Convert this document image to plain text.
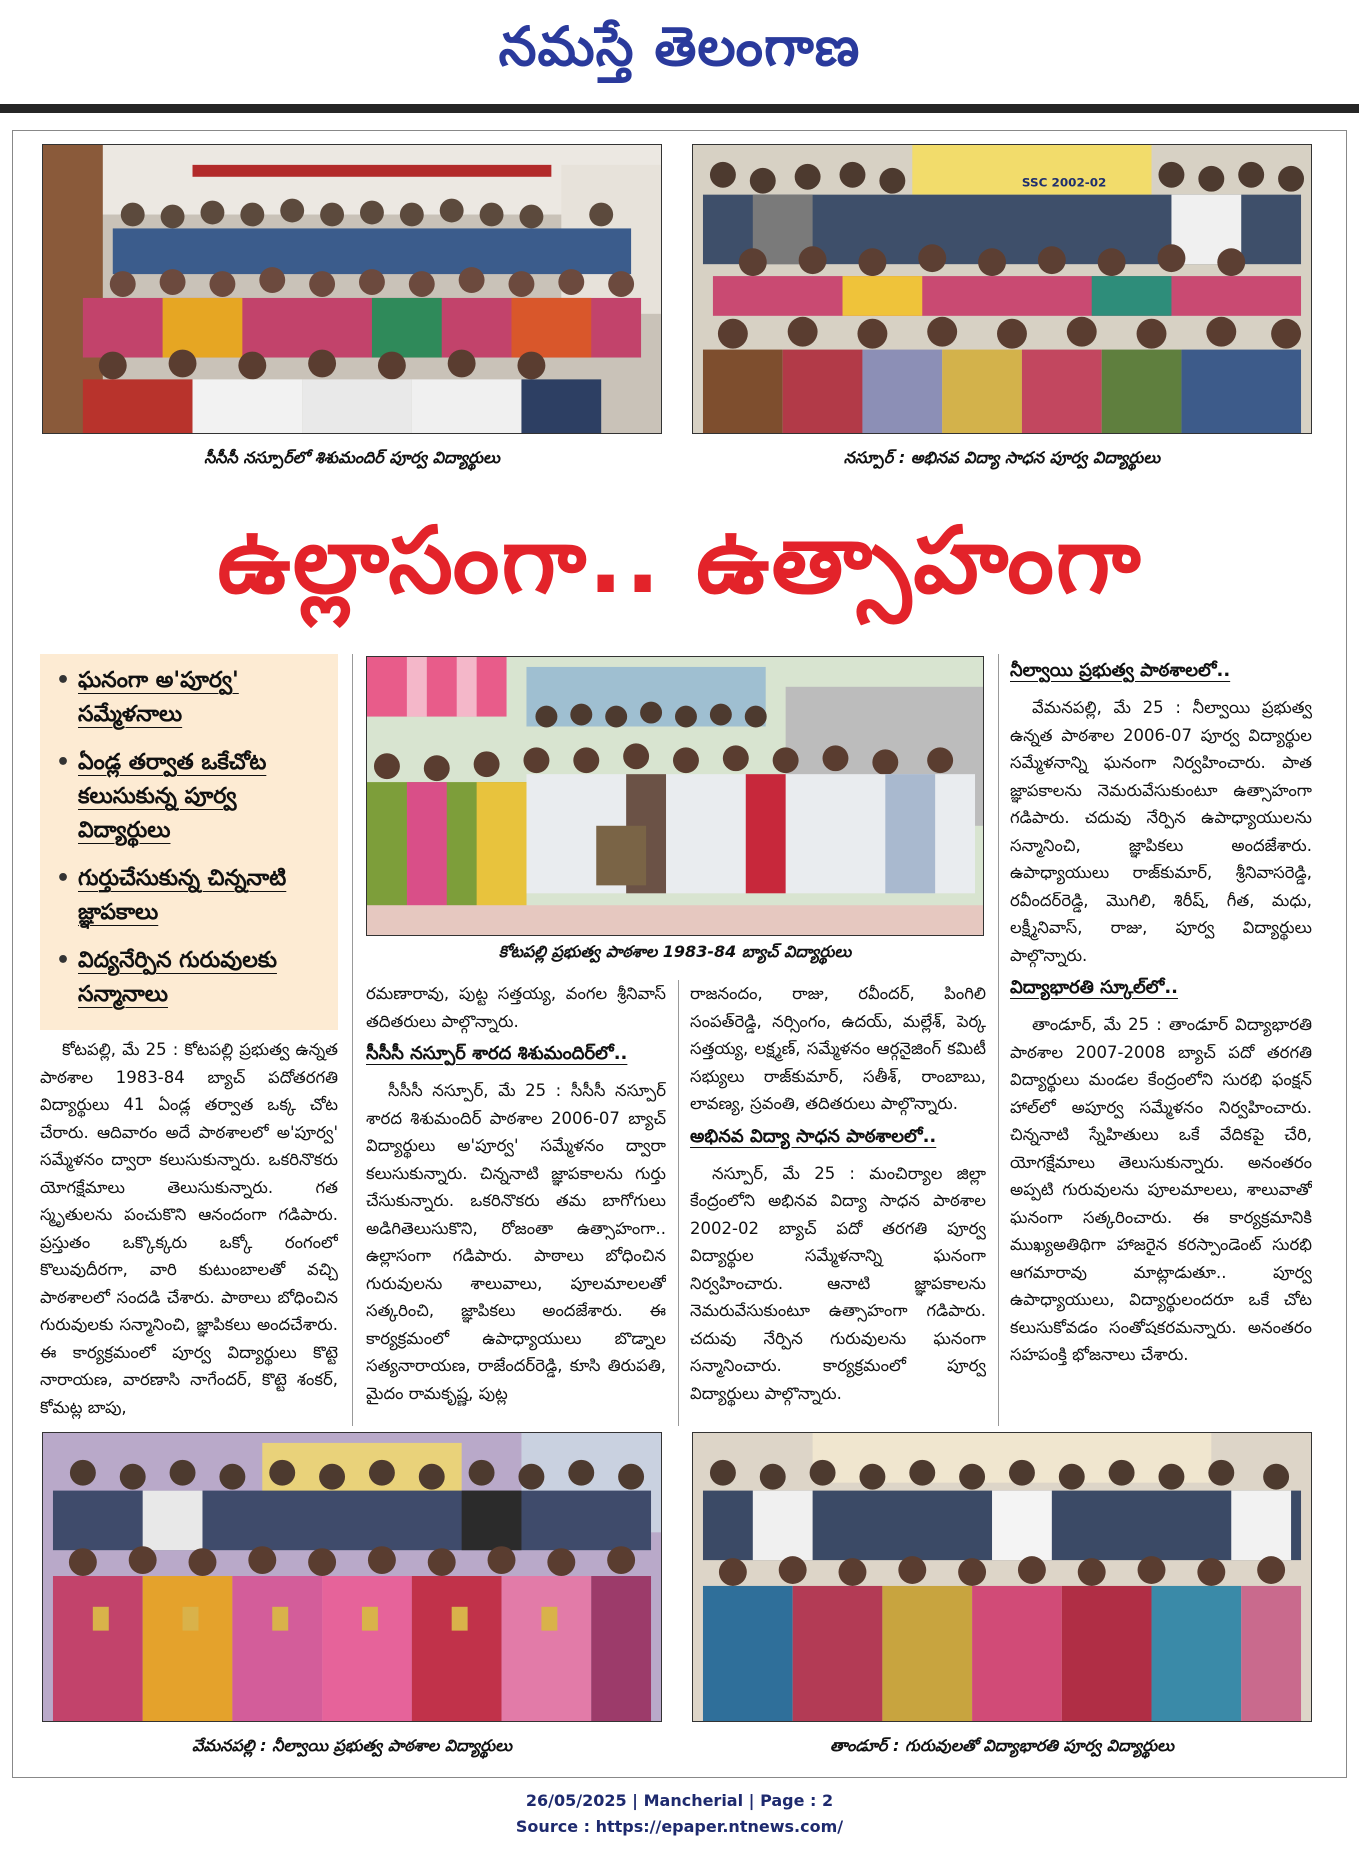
నమస్తే తెలంగాణ
సీసీసీ నస్పూర్‌లో శిశుమందిర్‌ పూర్వ విద్యార్థులు
SSC 2002-02
నస్పూర్‌ : అభినవ విద్యా సాధన పూర్వ విద్యార్థులు
ఉల్లాసంగా.. ఉత్సాహంగా
• ఘనంగా అ'పూర్వ' సమ్మేళనాలు
• ఏండ్ల తర్వాత ఒకేచోట కలుసుకున్న పూర్వ విద్యార్థులు
• గుర్తుచేసుకున్న చిన్ననాటి జ్ఞాపకాలు
• విద్యనేర్పిన గురువులకు సన్మానాలు
కోటపల్లి ప్రభుత్వ పాఠశాల 1983-84 బ్యాచ్‌ విద్యార్థులు

కోటపల్లి, మే 25 : కోటపల్లి ప్రభుత్వ ఉన్నత పాఠశాల 1983-84 బ్యాచ్‌ పదోతరగతి విద్యార్థులు 41 ఏండ్ల తర్వాత ఒక్క చోట చేరారు. ఆదివారం అదే పాఠశాలలో అ'పూర్వ' సమ్మేళనం ద్వారా కలుసుకున్నారు. ఒకరినొకరు యోగక్షేమాలు తెలుసుకున్నారు. గత స్మృతులను పంచుకొని ఆనందంగా గడిపారు. ప్రస్తుతం ఒక్కొక్కరు ఒక్కో రంగంలో కొలువుదీరగా, వారి కుటుంబాలతో వచ్చి పాఠశాలలో సందడి చేశారు. పాఠాలు బోధించిన గురువులకు సన్మానించి, జ్ఞాపికలు అందచేశారు. ఈ కార్యక్రమంలో పూర్వ విద్యార్థులు కొట్టె నారాయణ, వారణాసి నాగేందర్‌, కొట్టె శంకర్‌, కోమట్ల బాపు,

రమణారావు, పుట్ట సత్తయ్య, వంగల శ్రీనివాస్‌ తదితరులు పాల్గొన్నారు.

సీసీసీ నస్పూర్‌ శారద శిశుమందిర్‌లో..

సీసీసీ నస్పూర్‌, మే 25 : సీసీసీ నస్పూర్‌ శారద శిశుమందిర్‌ పాఠశాల 2006-07 బ్యాచ్‌ విద్యార్థులు అ'పూర్వ' సమ్మేళనం ద్వారా కలుసుకున్నారు. చిన్ననాటి జ్ఞాపకాలను గుర్తు చేసుకున్నారు. ఒకరినొకరు తమ బాగోగులు అడిగితెలుసుకొని, రోజంతా ఉత్సాహంగా.. ఉల్లాసంగా గడిపారు. పాఠాలు బోధించిన గురువులను శాలువాలు, పూలమాలలతో సత్కరించి, జ్ఞాపికలు అందజేశారు. ఈ కార్యక్రమంలో ఉపాధ్యాయులు బొడ్నాల సత్యనారాయణ, రాజేందర్‌రెడ్డి, కూసి తిరుపతి, మైదం రామకృష్ణ, పుట్ల

రాజనందం, రాజు, రవీందర్‌, పింగిలి సంపత్‌రెడ్డి, నర్సింగం, ఉదయ్‌, మల్లేశ్‌, పెర్క సత్తయ్య, లక్ష్మణ్‌, సమ్మేళనం ఆర్గనైజింగ్‌ కమిటీ సభ్యులు రాజ్‌కుమార్‌, సతీశ్‌, రాంబాబు, లావణ్య, స్రవంతి, తదితరులు పాల్గొన్నారు.

అభినవ విద్యా సాధన పాఠశాలలో..

నస్పూర్‌, మే 25 : మంచిర్యాల జిల్లా కేంద్రంలోని అభినవ విద్యా సాధన పాఠశాల 2002-02 బ్యాచ్‌ పదో తరగతి పూర్వ విద్యార్థుల సమ్మేళనాన్ని ఘనంగా నిర్వహించారు. ఆనాటి జ్ఞాపకాలను నెమరువేసుకుంటూ ఉత్సాహంగా గడిపారు. చదువు నేర్పిన గురువులను ఘనంగా సన్మానించారు. కార్యక్రమంలో పూర్వ విద్యార్థులు పాల్గొన్నారు.

నీల్వాయి ప్రభుత్వ పాఠశాలలో..

వేమనపల్లి, మే 25 : నీల్వాయి ప్రభుత్వ ఉన్నత పాఠశాల 2006-07 పూర్వ విద్యార్థుల సమ్మేళనాన్ని ఘనంగా నిర్వహించారు. పాత జ్ఞాపకాలను నెమరువేసుకుంటూ ఉత్సాహంగా గడిపారు. చదువు నేర్పిన ఉపాధ్యాయులను సన్మానించి, జ్ఞాపికలు అందజేశారు. ఉపాధ్యాయులు రాజ్‌కుమార్‌, శ్రీనివాసరెడ్డి, రవీందర్‌రెడ్డి, మొగిలి, శిరీష్‌, గీత, మధు, లక్ష్మీనివాస్‌, రాజు, పూర్వ విద్యార్థులు పాల్గొన్నారు.

విద్యాభారతి స్కూల్‌లో..

తాండూర్‌, మే 25 : తాండూర్‌ విద్యాభారతి పాఠశాల 2007-2008 బ్యాచ్‌ పదో తరగతి విద్యార్థులు మండల కేంద్రంలోని సురభి ఫంక్షన్‌ హాల్‌లో అపూర్వ సమ్మేళనం నిర్వహించారు. చిన్ననాటి స్నేహితులు ఒకే వేదికపై చేరి, యోగక్షేమాలు తెలుసుకున్నారు. అనంతరం అప్పటి గురువులను పూలమాలలు, శాలువాతో ఘనంగా సత్కరించారు. ఈ కార్యక్రమానికి ముఖ్యఅతిథిగా హాజరైన కరస్పాండెంట్‌ సురభి ఆగమారావు మాట్లాడుతూ.. పూర్వ ఉపాధ్యాయులు, విద్యార్థులందరూ ఒకే చోట కలుసుకోవడం సంతోషకరమన్నారు. అనంతరం సహపంక్తి భోజనాలు చేశారు.

వేమనపల్లి : నీల్వాయి ప్రభుత్వ పాఠశాల విద్యార్థులు	తాండూర్‌ : గురువులతో విద్యాభారతి పూర్వ విద్యార్థులు
26/05/2025 | Mancherial | Page : 2
Source : https://epaper.ntnews.com/
